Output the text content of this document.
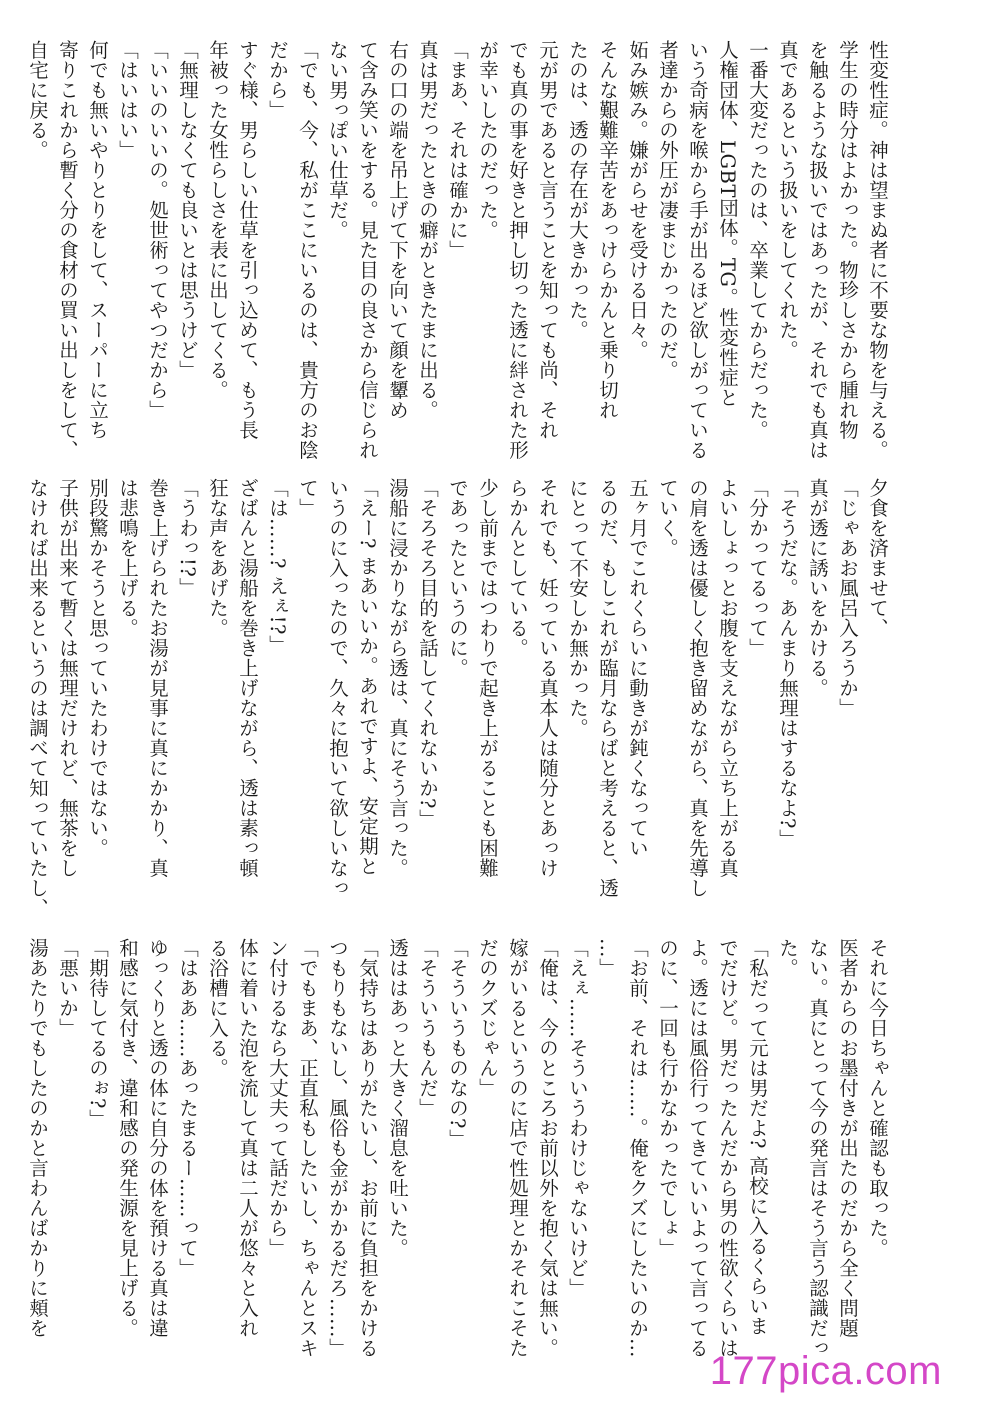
性変性症。神は望まぬ者に不要な物を与える。
学生の時分はよかった。物珍しさから腫れ物
を触るような扱いではあったが、それでも真は
真であるという扱いをしてくれた。
一番大変だったのは、卒業してからだった。
人権団体、LGBT団体。TG。性変性症と
いう奇病を喉から手が出るほど欲しがっている
者達からの外圧が凄まじかったのだ。
妬み嫉み。嫌がらせを受ける日々。
そんな艱難辛苦をあっけらかんと乗り切れ
たのは、透の存在が大きかった。
元が男であると言うことを知っても尚、それ
でも真の事を好きと押し切った透に絆された形
が幸いしたのだった。
「まあ、それは確かに」
真は男だったときの癖がときたまに出る。
右の口の端を吊上げて下を向いて顔を顰め
て含み笑いをする。見た目の良さから信じられ
ない男っぽい仕草だ。
「でも、今、私がここにいるのは、貴方のお陰
だから」
すぐ様、男らしい仕草を引っ込めて、もう長
年被った女性らしさを表に出してくる。
「無理しなくても良いとは思うけど」
「いいのいいの。処世術ってやつだから」
「はいはい」
何でも無いやりとりをして、スーパーに立ち
寄りこれから暫く分の食材の買い出しをして、
自宅に戻る。
夕食を済ませて、
「じゃあお風呂入ろうか」
真が透に誘いをかける。
「そうだな。あんまり無理はするなよ?」
「分かってるって」
よいしょっとお腹を支えながら立ち上がる真
の肩を透は優しく抱き留めながら、真を先導し
ていく。
五ヶ月でこれくらいに動きが鈍くなってい
るのだ、もしこれが臨月ならばと考えると、透
にとって不安しか無かった。
それでも、妊っている真本人は随分とあっけ
らかんとしている。
少し前まではつわりで起き上がることも困難
であったというのに。
「そろそろ目的を話してくれないか?」
湯船に浸かりながら透は、真にそう言った。
「えー? まあいいか。あれですよ、安定期と
いうのに入ったので、久々に抱いて欲しいなっ
て」
「は……? えぇ!?」
ざばんと湯船を巻き上げながら、透は素っ頓
狂な声をあげた。
「うわっ!?」
巻き上げられたお湯が見事に真にかかり、真
は悲鳴を上げる。
別段驚かそうと思っていたわけではない。
子供が出来て暫くは無理だけれど、無茶をし
なければ出来るというのは調べて知っていたし、
それに今日ちゃんと確認も取った。
医者からのお墨付きが出たのだから全く問題
ない。真にとって今の発言はそう言う認識だっ
た。
「私だって元は男だよ? 高校に入るくらいま
でだけど。男だったんだから男の性欲くらいは
よ。透には風俗行ってきていいよって言ってる
のに、一回も行かなかったでしょ」
「お前、それは……。俺をクズにしたいのか…
…」
「えぇ……そういうわけじゃないけど」
「俺は、今のところお前以外を抱く気は無い。
嫁がいるというのに店で性処理とかそれこそた
だのクズじゃん」
「そういうものなの?」
「そういうもんだ」
透ははあっと大きく溜息を吐いた。
「気持ちはありがたいし、お前に負担をかける
つもりもないし、風俗も金がかかるだろ……」
「でもまあ、正直私もしたいし、ちゃんとスキ
ン付けるなら大丈夫って話だから」
体に着いた泡を流して真は二人が悠々と入れ
る浴槽に入る。
「はああ……あったまるー……って」
ゆっくりと透の体に自分の体を預ける真は違
和感に気付き、違和感の発生源を見上げる。
「期待してるのぉ?」
「悪いか」
湯あたりでもしたのかと言わんばかりに頬を
177pica.com
